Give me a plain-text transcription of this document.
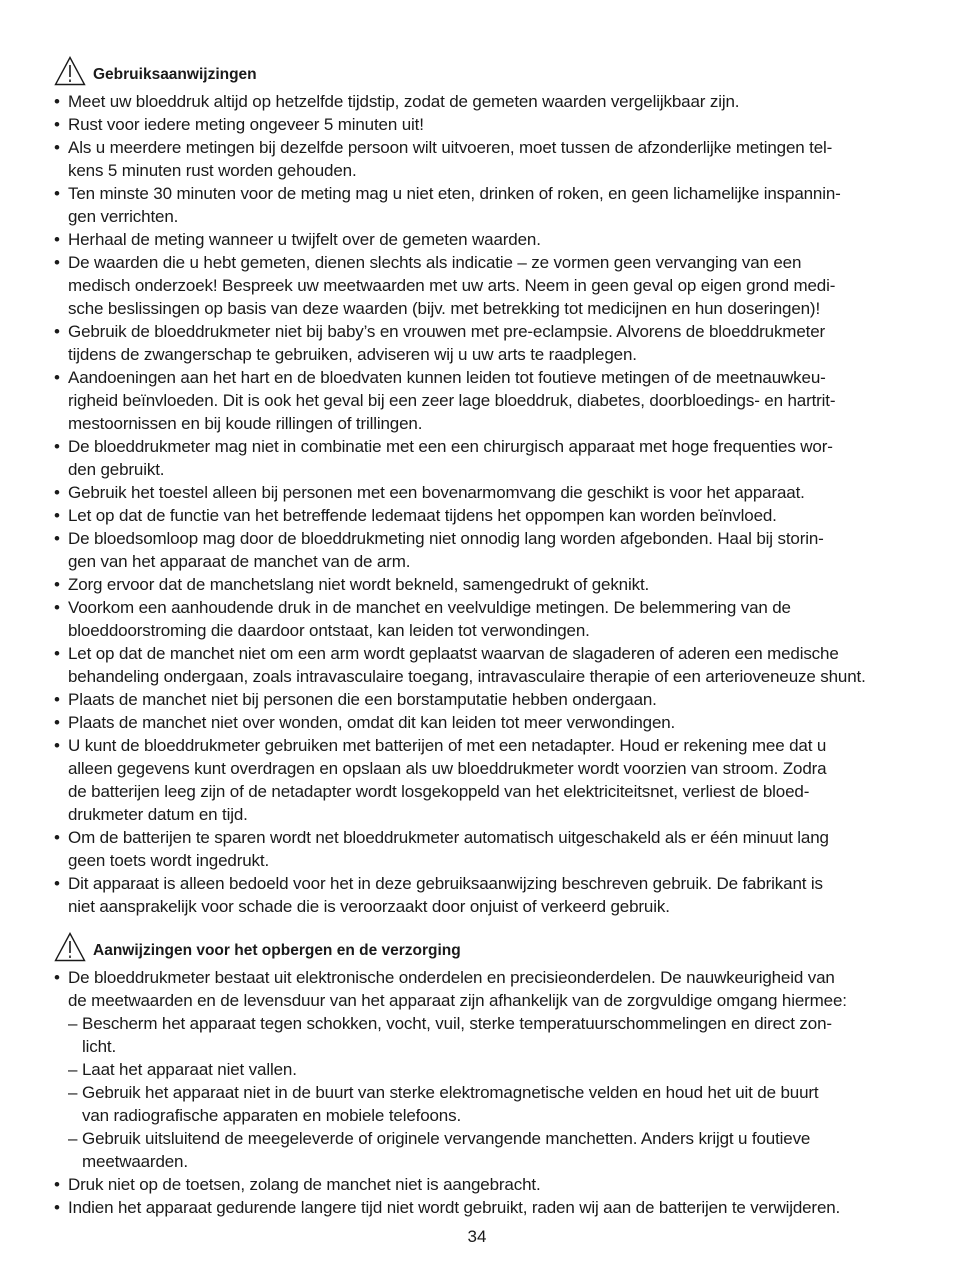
Gebruiksaanwijzingen
• Meet uw bloeddruk altijd op hetzelfde tijdstip, zodat de gemeten waarden vergelijkbaar zijn.
• Rust voor iedere meting ongeveer 5 minuten uit!
• Als u meerdere metingen bij dezelfde persoon wilt uitvoeren, moet tussen de afzonderlijke metingen tel-
kens 5 minuten rust worden gehouden.
• Ten minste 30 minuten voor de meting mag u niet eten, drinken of roken, en geen lichamelijke inspannin-
gen verrichten.
• Herhaal de meting wanneer u twijfelt over de gemeten waarden.
• De waarden die u hebt gemeten, dienen slechts als indicatie – ze vormen geen vervanging van een
medisch onderzoek! Bespreek uw meetwaarden met uw arts. Neem in geen geval op eigen grond medi-
sche beslissingen op basis van deze waarden (bijv. met betrekking tot medicijnen en hun doseringen)!
• Gebruik de bloeddrukmeter niet bij baby’s en vrouwen met pre-eclampsie. Alvorens de bloeddrukmeter
tijdens de zwangerschap te gebruiken, adviseren wij u uw arts te raadplegen.
• Aandoeningen aan het hart en de bloedvaten kunnen leiden tot foutieve metingen of de meetnauwkeu-
righeid beïnvloeden. Dit is ook het geval bij een zeer lage bloeddruk, diabetes, doorbloedings- en hartrit-
mestoornissen en bij koude rillingen of trillingen.
• De bloeddrukmeter mag niet in combinatie met een een chirurgisch apparaat met hoge frequenties wor-
den gebruikt.
• Gebruik het toestel alleen bij personen met een bovenarmomvang die geschikt is voor het apparaat.
• Let op dat de functie van het betreffende ledemaat tijdens het oppompen kan worden beïnvloed.
• De bloedsomloop mag door de bloeddrukmeting niet onnodig lang worden afgebonden. Haal bij storin-
gen van het apparaat de manchet van de arm.
• Zorg ervoor dat de manchetslang niet wordt bekneld, samengedrukt of geknikt.
• Voorkom een aanhoudende druk in de manchet en veelvuldige metingen. De belemmering van de
bloeddoorstroming die daardoor ontstaat, kan leiden tot verwondingen.
• Let op dat de manchet niet om een arm wordt geplaatst waarvan de slagaderen of aderen een medische
behandeling ondergaan, zoals intravasculaire toegang, intravasculaire therapie of een arterioveneuze shunt.
• Plaats de manchet niet bij personen die een borstamputatie hebben ondergaan.
• Plaats de manchet niet over wonden, omdat dit kan leiden tot meer verwondingen.
• U kunt de bloeddrukmeter gebruiken met batterijen of met een netadapter. Houd er rekening mee dat u
alleen gegevens kunt overdragen en opslaan als uw bloeddrukmeter wordt voorzien van stroom. Zodra
de batterijen leeg zijn of de netadapter wordt losgekoppeld van het elektriciteitsnet, verliest de bloed-
drukmeter datum en tijd.
• Om de batterijen te sparen wordt net bloeddrukmeter automatisch uitgeschakeld als er één minuut lang
geen toets wordt ingedrukt.
• Dit apparaat is alleen bedoeld voor het in deze gebruiksaanwijzing beschreven gebruik. De fabrikant is
niet aansprakelijk voor schade die is veroorzaakt door onjuist of verkeerd gebruik.
Aanwijzingen voor het opbergen en de verzorging
• De bloeddrukmeter bestaat uit elektronische onderdelen en precisieonderdelen. De nauwkeurigheid van
de meetwaarden en de levensduur van het apparaat zijn afhankelijk van de zorgvuldige omgang hiermee:
– Bescherm het apparaat tegen schokken, vocht, vuil, sterke temperatuurschommelingen en direct zon-
licht.
– Laat het apparaat niet vallen.
– Gebruik het apparaat niet in de buurt van sterke elektromagnetische velden en houd het uit de buurt
van radiografische apparaten en mobiele telefoons.
– Gebruik uitsluitend de meegeleverde of originele vervangende manchetten. Anders krijgt u foutieve
meetwaarden.
• Druk niet op de toetsen, zolang de manchet niet is aangebracht.
• Indien het apparaat gedurende langere tijd niet wordt gebruikt, raden wij aan de batterijen te verwijderen.
34
